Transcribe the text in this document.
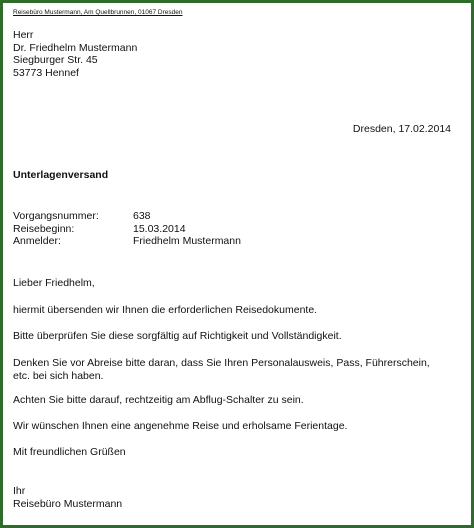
Reisebüro Mustermann, Am Quellbrunnen, 01067 Dresden
Herr
Dr. Friedhelm Mustermann
Siegburger Str. 45
53773 Hennef
Dresden, 17.02.2014
Unterlagenversand
Vorgangsnummer:	638
Reisebeginn:	15.03.2014
Anmelder:	Friedhelm Mustermann

Lieber Friedhelm,

hiermit übersenden wir Ihnen die erforderlichen Reisedokumente.

Bitte überprüfen Sie diese sorgfältig auf Richtigkeit und Vollständigkeit.

Denken Sie vor Abreise bitte daran, dass Sie Ihren Personalausweis, Pass, Führerschein, etc. bei sich haben.

Achten Sie bitte darauf, rechtzeitig am Abflug-Schalter zu sein.

Wir wünschen Ihnen eine angenehme Reise und erholsame Ferientage.

Mit freundlichen Grüßen

Ihr
Reisebüro Mustermann
